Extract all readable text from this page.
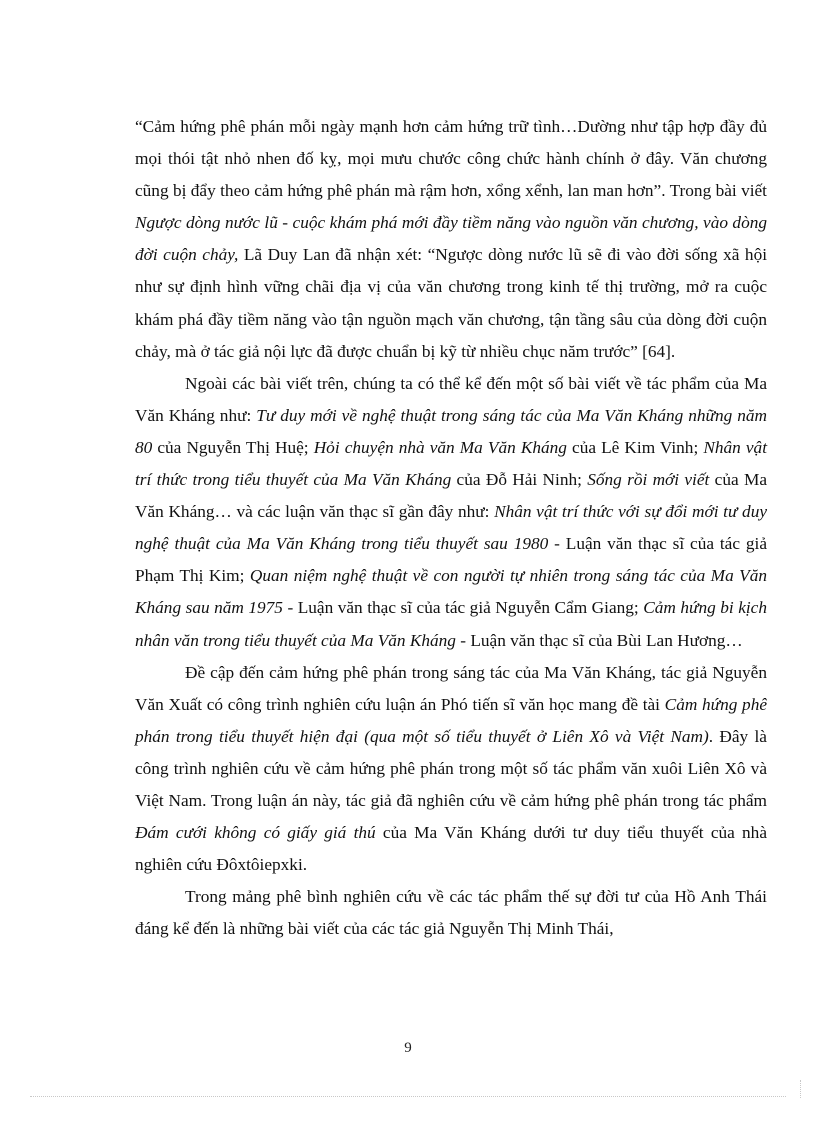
“Cảm hứng phê phán mỗi ngày mạnh hơn cảm hứng trữ tình…Dường như tập hợp đầy đủ mọi thói tật nhỏ nhen đố kỵ, mọi mưu chước công chức hành chính ở đây. Văn chương cũng bị đẩy theo cảm hứng phê phán mà rậm hơn, xổng xểnh, lan man hơn”. Trong bài viết Ngược dòng nước lũ - cuộc khám phá mới đầy tiềm năng vào nguồn văn chương, vào dòng đời cuộn chảy, Lã Duy Lan đã nhận xét: “Ngược dòng nước lũ sẽ đi vào đời sống xã hội như sự định hình vững chãi địa vị của văn chương trong kinh tế thị trường, mở ra cuộc khám phá đầy tiềm năng vào tận nguồn mạch văn chương, tận tầng sâu của dòng đời cuộn chảy, mà ở tác giả nội lực đã được chuẩn bị kỹ từ nhiều chục năm trước” [64].

Ngoài các bài viết trên, chúng ta có thể kể đến một số bài viết về tác phẩm của Ma Văn Kháng như: Tư duy mới về nghệ thuật trong sáng tác của Ma Văn Kháng những năm 80 của Nguyễn Thị Huệ; Hỏi chuyện nhà văn Ma Văn Kháng của Lê Kim Vinh; Nhân vật trí thức trong tiểu thuyết của Ma Văn Kháng của Đỗ Hải Ninh; Sống rồi mới viết của Ma Văn Kháng… và các luận văn thạc sĩ gần đây như: Nhân vật trí thức với sự đổi mới tư duy nghệ thuật của Ma Văn Kháng trong tiểu thuyết sau 1980 - Luận văn thạc sĩ của tác giả Phạm Thị Kim; Quan niệm nghệ thuật về con người tự nhiên trong sáng tác của Ma Văn Kháng sau năm 1975 - Luận văn thạc sĩ của tác giả Nguyễn Cẩm Giang; Cảm hứng bi kịch nhân văn trong tiểu thuyết của Ma Văn Kháng - Luận văn thạc sĩ của Bùi Lan Hương…

Đề cập đến cảm hứng phê phán trong sáng tác của Ma Văn Kháng, tác giả Nguyễn Văn Xuất có công trình nghiên cứu luận án Phó tiến sĩ văn học mang đề tài Cảm hứng phê phán trong tiểu thuyết hiện đại (qua một số tiểu thuyết ở Liên Xô và Việt Nam). Đây là công trình nghiên cứu về cảm hứng phê phán trong một số tác phẩm văn xuôi Liên Xô và Việt Nam. Trong luận án này, tác giả đã nghiên cứu về cảm hứng phê phán trong tác phẩm Đám cưới không có giấy giá thú của Ma Văn Kháng dưới tư duy tiểu thuyết của nhà nghiên cứu Đôxtôiepxki.

Trong mảng phê bình nghiên cứu về các tác phẩm thế sự đời tư của Hồ Anh Thái đáng kể đến là những bài viết của các tác giả Nguyễn Thị Minh Thái,

9
